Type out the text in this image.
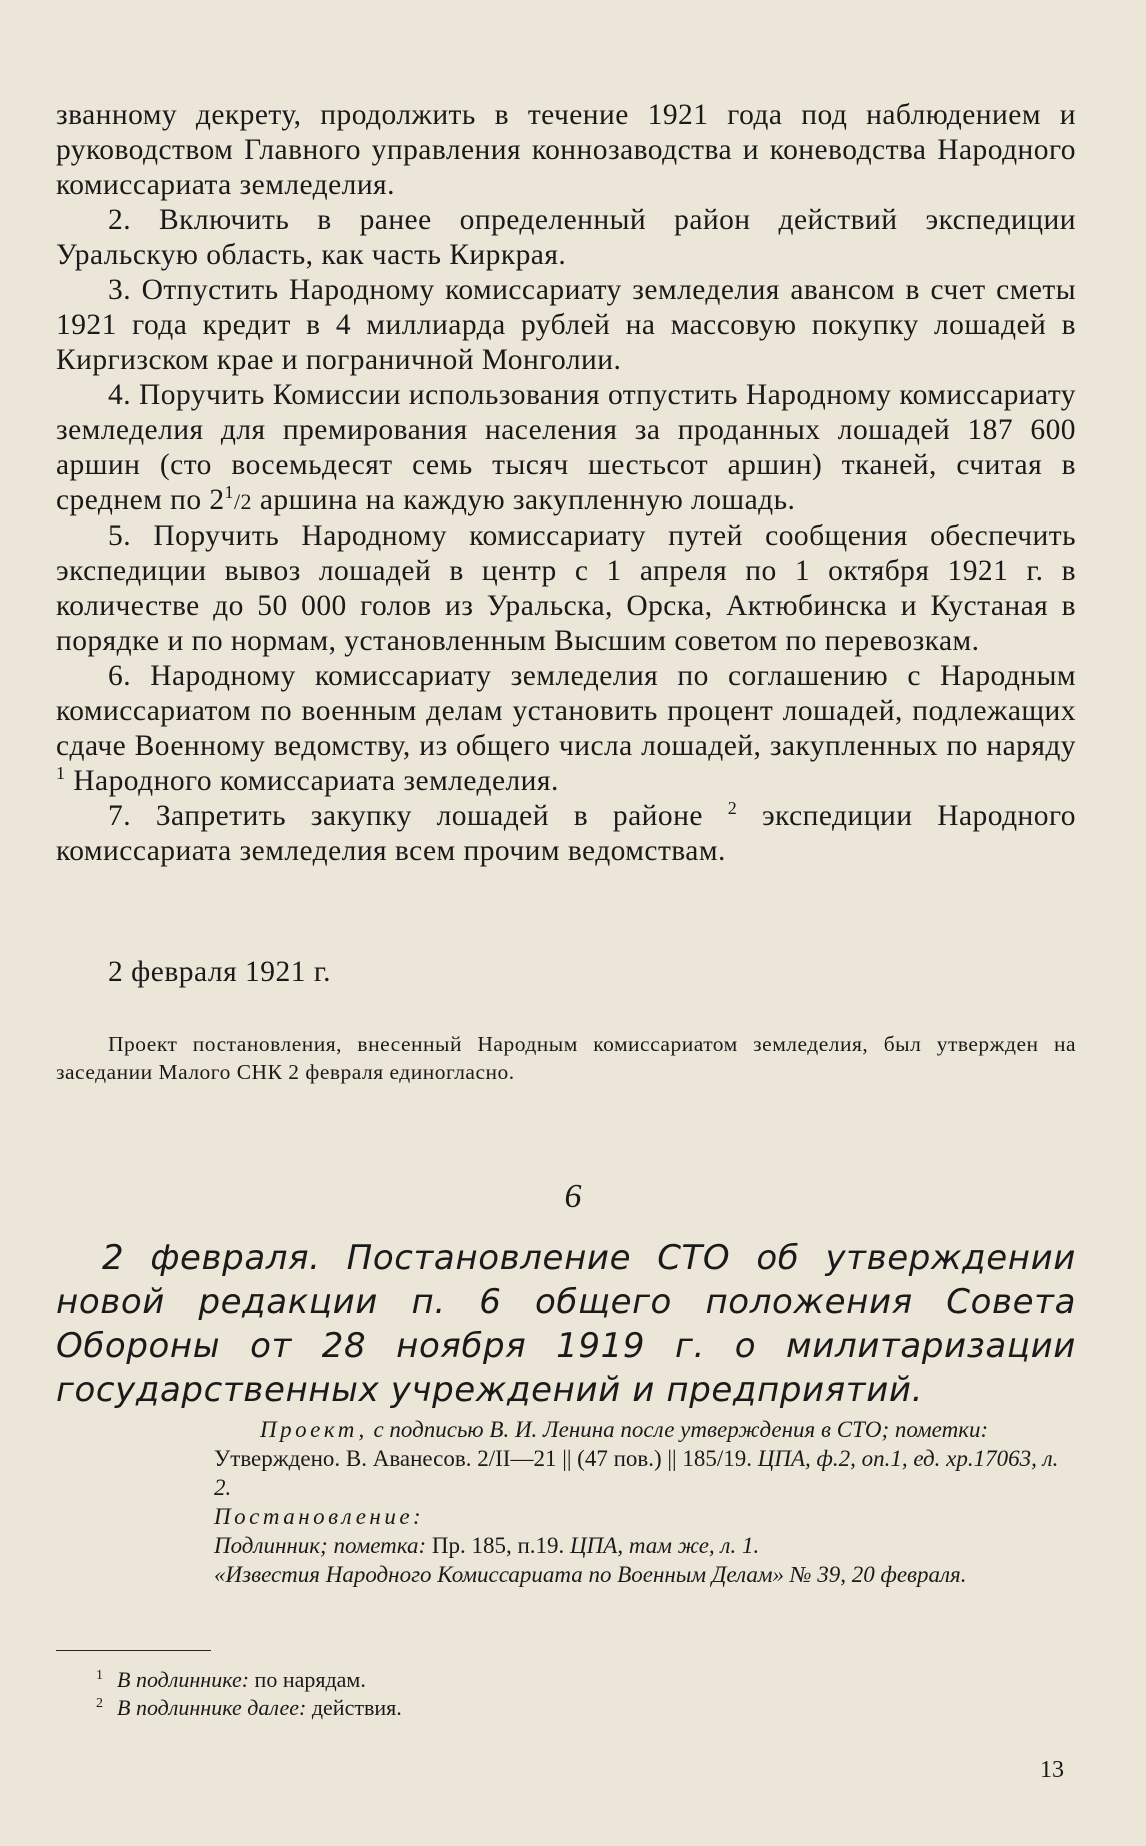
званному декрету, продолжить в течение 1921 года под наблюдением и руководством Главного управления коннозаводства и коневодства Народного комиссариата земледелия.

2. Включить в ранее определенный район действий экспедиции Уральскую область, как часть Киркрая.

3. Отпустить Народному комиссариату земледелия авансом в счет сметы 1921 года кредит в 4 миллиарда рублей на массовую покупку лошадей в Киргизском крае и пограничной Монголии.

4. Поручить Комиссии использования отпустить Народному комиссариату земледелия для премирования населения за проданных лошадей 187 600 аршин (сто восемьдесят семь тысяч шестьсот аршин) тканей, считая в среднем по $2^1/2$ аршина на каждую закупленную лошадь.

5. Поручить Народному комиссариату путей сообщения обеспечить экспедиции вывоз лошадей в центр с 1 апреля по 1 октября 1921 г. в количестве до 50 000 голов из Уральска, Орска, Актюбинска и Кустаная в порядке и по нормам, установленным Высшим советом по перевозкам.

6. Народному комиссариату земледелия по соглашению с Народным комиссариатом по военным делам установить процент лошадей, подлежащих сдаче Военному ведомству, из общего числа лошадей, закупленных по наряду $^1$ Народного комиссариата земледелия.

7. Запретить закупку лошадей в районе $^2$ экспедиции Народного комиссариата земледелия всем прочим ведомствам.

2 февраля 1921 г.

Проект постановления, внесенный Народным комиссариатом земледелия, был утвержден на заседании Малого СНК 2 февраля единогласно.

6

2 февраля. Постановление СТО об утверждении новой редакции п. 6 общего положения Совета Обороны от 28 ноября 1919 г. о милитаризации государственных учреждений и предприятий.

Проект, с подписью В. И. Ленина после утверждения в СТО; пометки: Утверждено. В. Аванесов. 2/II—21 || (47 пов.) || 185/19. ЦПА, ф.2, оп.1, ед. хр.17063, л. 2.

Постановление:

Подлинник; пометка: Пр. 185, п.19. ЦПА, там же, л. 1.

«Известия Народного Комиссариата по Военным Делам» № 39, 20 февраля.

$^1$ В подлиннике: по нарядам.

$^2$ В подлиннике далее: действия.

13
